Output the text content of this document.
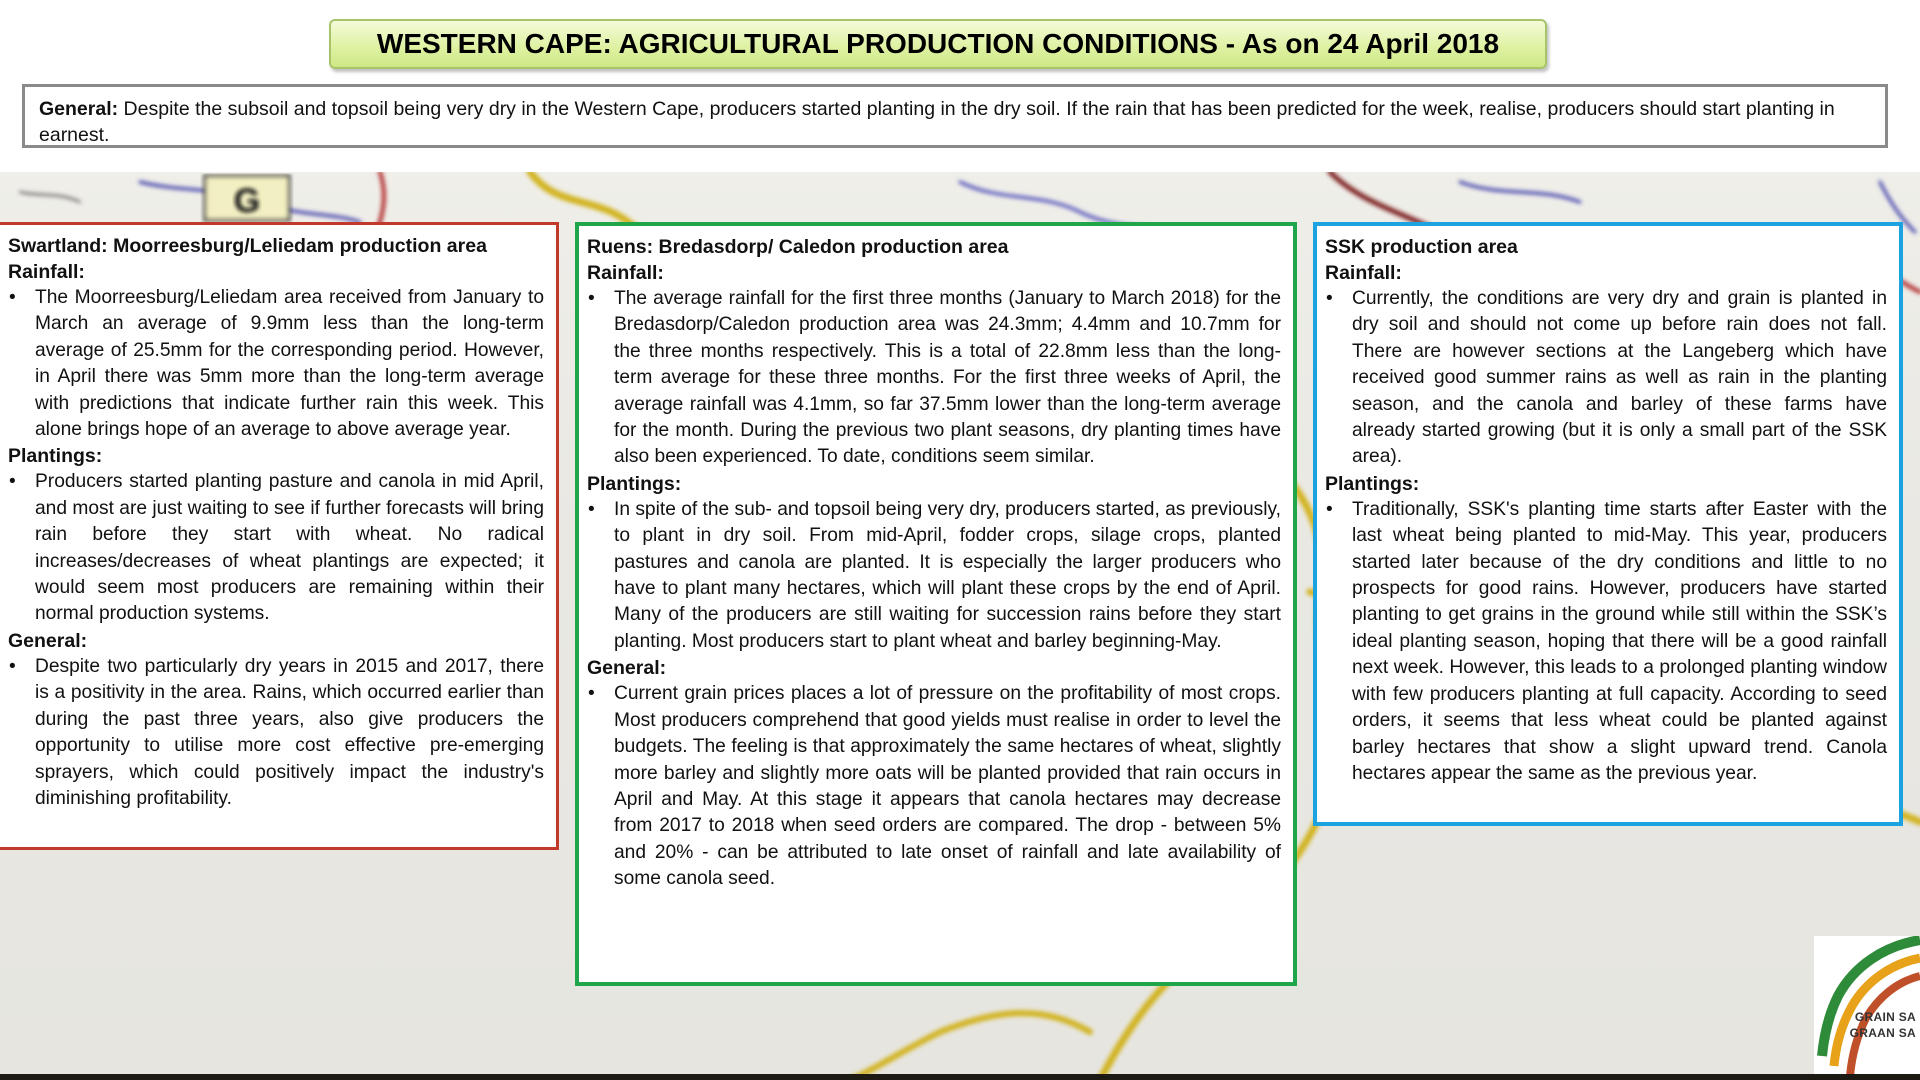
G
WESTERN CAPE: AGRICULTURAL PRODUCTION CONDITIONS - As on 24 April 2018
General: Despite the subsoil and topsoil being very dry in the Western Cape, producers started planting in the dry soil. If the rain that has been predicted for the week, realise, producers should start planting in earnest.
Swartland: Moorreesburg/Leliedam production area
Rainfall:
• The Moorreesburg/Leliedam area received from January to March an average of 9.9mm less than the long-term average of 25.5mm for the corresponding period. However, in April there was 5mm more than the long-term average with predictions that indicate further rain this week. This alone brings hope of an average to above average year.
Plantings:
• Producers started planting pasture and canola in mid April, and most are just waiting to see if further forecasts will bring rain before they start with wheat. No radical increases/decreases of wheat plantings are expected; it would seem most producers are remaining within their normal production systems.
General:
• Despite two particularly dry years in 2015 and 2017, there is a positivity in the area. Rains, which occurred earlier than during the past three years, also give producers the opportunity to utilise more cost effective pre-emerging sprayers, which could positively impact the industry's diminishing profitability.
Ruens: Bredasdorp/ Caledon production area
Rainfall:
• The average rainfall for the first three months (January to March 2018) for the Bredasdorp/Caledon production area was 24.3mm; 4.4mm and 10.7mm for the three months respectively. This is a total of 22.8mm less than the long-term average for these three months. For the first three weeks of April, the average rainfall was 4.1mm, so far 37.5mm lower than the long-term average for the month. During the previous two plant seasons, dry planting times have also been experienced. To date, conditions seem similar.
Plantings:
• In spite of the sub- and topsoil being very dry, producers started, as previously, to plant in dry soil. From mid-April, fodder crops, silage crops, planted pastures and canola are planted. It is especially the larger producers who have to plant many hectares, which will plant these crops by the end of April. Many of the producers are still waiting for succession rains before they start planting. Most producers start to plant wheat and barley beginning-May.
General:
• Current grain prices places a lot of pressure on the profitability of most crops. Most producers comprehend that good yields must realise in order to level the budgets. The feeling is that approximately the same hectares of wheat, slightly more barley and slightly more oats will be planted provided that rain occurs in April and May. At this stage it appears that canola hectares may decrease from 2017 to 2018 when seed orders are compared. The drop - between 5% and 20% - can be attributed to late onset of rainfall and late availability of some canola seed.
SSK production area
Rainfall:
• Currently, the conditions are very dry and grain is planted in dry soil and should not come up before rain does not fall. There are however sections at the Langeberg which have received good summer rains as well as rain in the planting season, and the canola and barley of these farms have already started growing (but it is only a small part of the SSK area).
Plantings:
• Traditionally, SSK's planting time starts after Easter with the last wheat being planted to mid-May. This year, producers started later because of the dry conditions and little to no prospects for good rains. However, producers have started planting to get grains in the ground while still within the SSK’s ideal planting season, hoping that there will be a good rainfall next week. However, this leads to a prolonged planting window with few producers planting at full capacity. According to seed orders, it seems that less wheat could be planted against barley hectares that show a slight upward trend. Canola hectares appear the same as the previous year.
GRAIN SA
GRAAN SA
